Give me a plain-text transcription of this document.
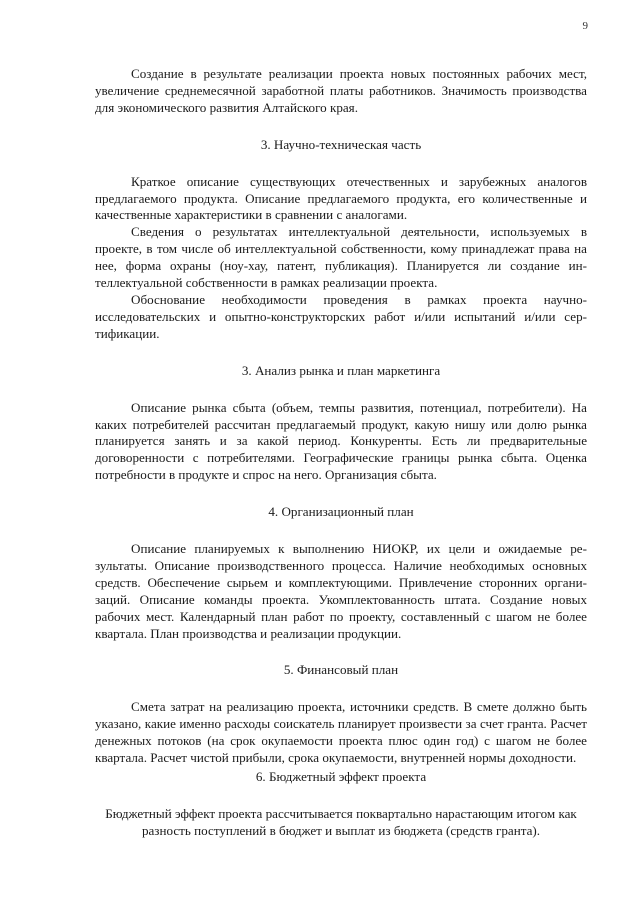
9

Создание в результате реализации проекта новых постоянных рабочих мест, увеличение среднемесячной заработной платы работников. Значимость производства для экономического развития Алтайского края.

3. Научно-техническая часть

Краткое описание существующих отечественных и зарубежных аналогов предлагаемого продукта. Описание предлагаемого продукта, его количественные и качественные характеристики в сравнении с аналогами.

Сведения о результатах интеллектуальной деятельности, используемых в проекте, в том числе об интеллектуальной собственности, кому принадлежат права на нее, форма охраны (ноу-хау, патент, публикация). Планируется ли создание интеллектуальной собственности в рамках реализации проекта.

Обоснование необходимости проведения в рамках проекта научно-исследовательских и опытно-конструкторских работ и/или испытаний и/или сертификации.

3. Анализ рынка и план маркетинга

Описание рынка сбыта (объем, темпы развития, потенциал, потребители). На каких потребителей рассчитан предлагаемый продукт, какую нишу или долю рынка планируется занять и за какой период. Конкуренты. Есть ли предварительные договоренности с потребителями. Географические границы рынка сбыта. Оценка потребности в продукте и спрос на него. Организация сбыта.

4. Организационный план

Описание планируемых к выполнению НИОКР, их цели и ожидаемые результаты. Описание производственного процесса. Наличие необходимых основных средств. Обеспечение сырьем и комплектующими. Привлечение сторонних организаций. Описание команды проекта. Укомплектованность штата. Создание новых рабочих мест. Календарный план работ по проекту, составленный с шагом не более квартала. План производства и реализации продукции.

5. Финансовый план

Смета затрат на реализацию проекта, источники средств. В смете должно быть указано, какие именно расходы соискатель планирует произвести за счет гранта. Расчет денежных потоков (на срок окупаемости проекта плюс один год) с шагом не более квартала. Расчет чистой прибыли, срока окупаемости, внутренней нормы доходности.

6. Бюджетный эффект проекта

Бюджетный эффект проекта рассчитывается поквартально нарастающим итогом как разность поступлений в бюджет и выплат из бюджета (средств гранта).
